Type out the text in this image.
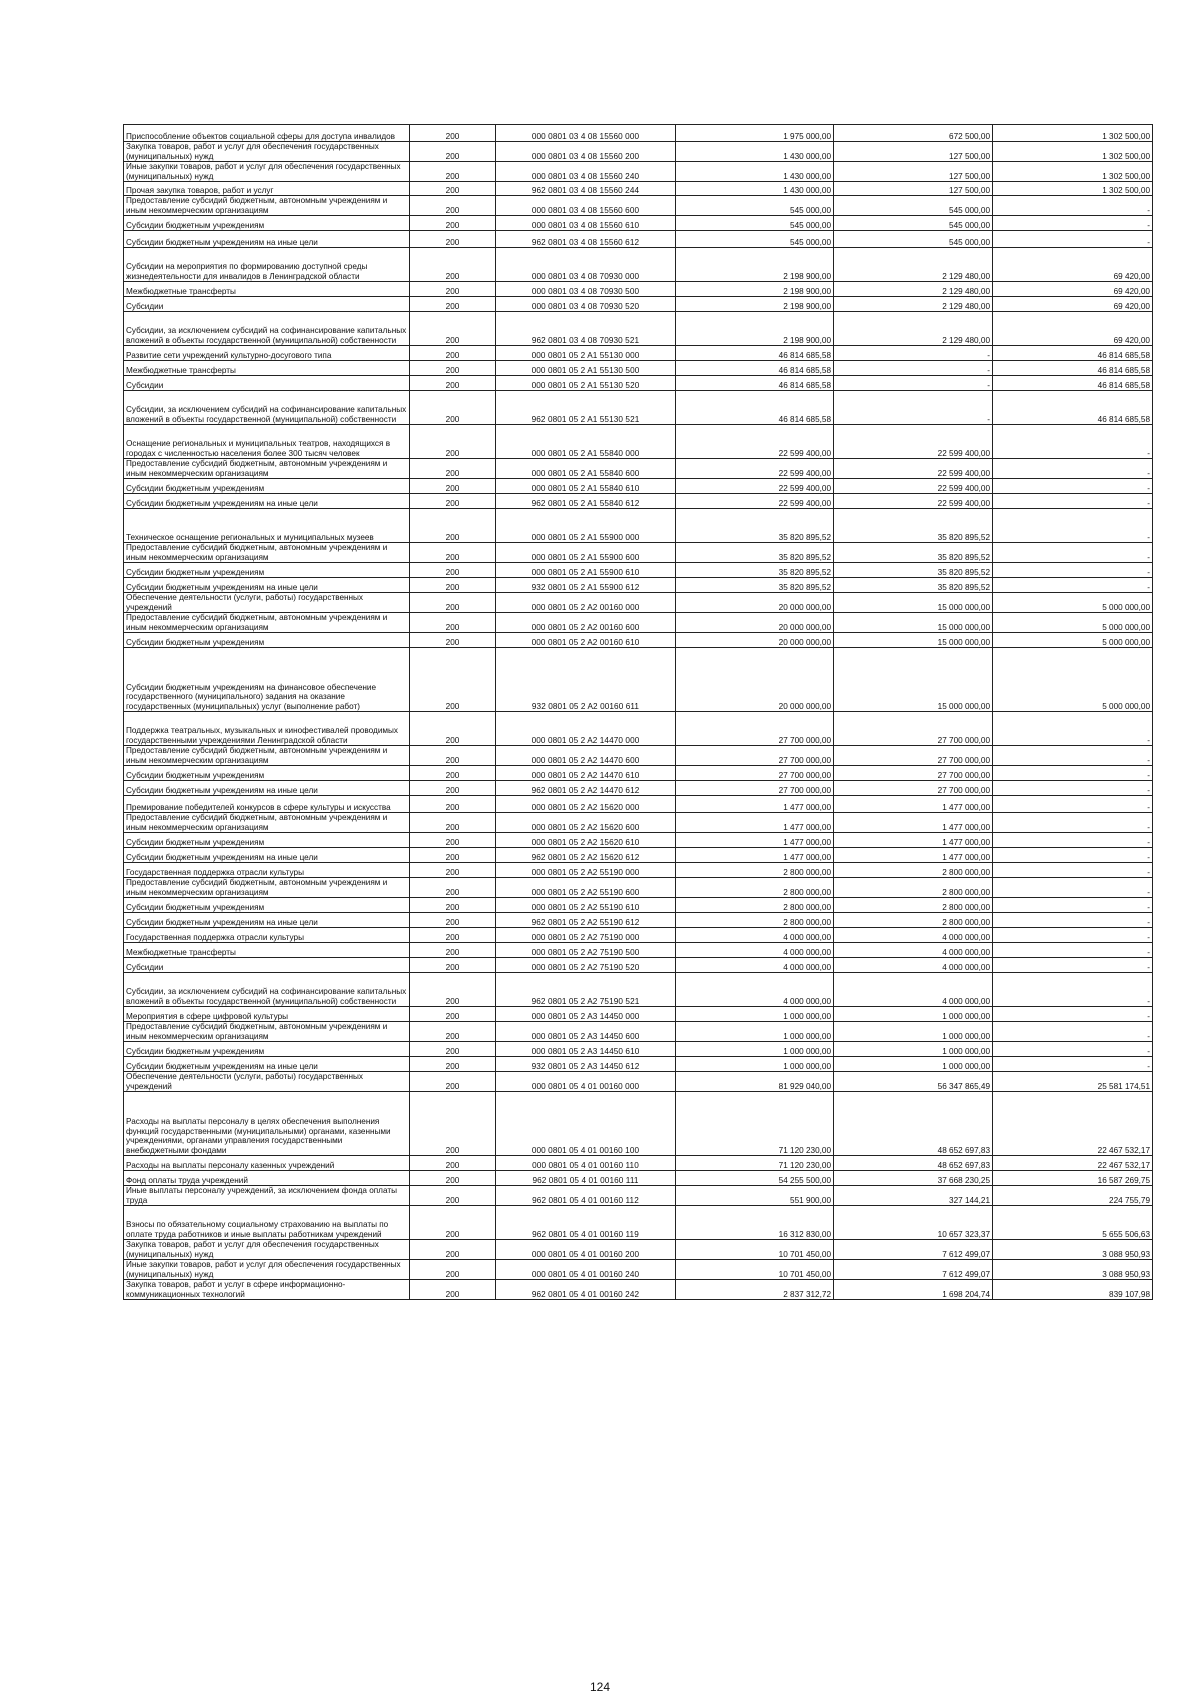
Приспособление объектов социальной сферы для доступа инвалидов	200	000 0801 03 4 08 15560 000	1 975 000,00	672 500,00	1 302 500,00
Закупка товаров, работ и услуг для обеспечения государственных (муниципальных) нужд	200	000 0801 03 4 08 15560 200	1 430 000,00	127 500,00	1 302 500,00
Иные закупки товаров, работ и услуг для обеспечения государственных (муниципальных) нужд	200	000 0801 03 4 08 15560 240	1 430 000,00	127 500,00	1 302 500,00
Прочая закупка товаров, работ и услуг	200	962 0801 03 4 08 15560 244	1 430 000,00	127 500,00	1 302 500,00
Предоставление субсидий бюджетным, автономным учреждениям и иным некоммерческим организациям	200	000 0801 03 4 08 15560 600	545 000,00	545 000,00	-
Субсидии бюджетным учреждениям	200	000 0801 03 4 08 15560 610	545 000,00	545 000,00	-
Субсидии бюджетным учреждениям на иные цели	200	962 0801 03 4 08 15560 612	545 000,00	545 000,00	-
Субсидии на мероприятия по формированию доступной среды жизнедеятельности для инвалидов в Ленинградской области	200	000 0801 03 4 08 70930 000	2 198 900,00	2 129 480,00	69 420,00
Межбюджетные трансферты	200	000 0801 03 4 08 70930 500	2 198 900,00	2 129 480,00	69 420,00
Субсидии	200	000 0801 03 4 08 70930 520	2 198 900,00	2 129 480,00	69 420,00
Субсидии, за исключением субсидий на софинансирование капитальных вложений в объекты государственной (муниципальной) собственности	200	962 0801 03 4 08 70930 521	2 198 900,00	2 129 480,00	69 420,00
Развитие сети учреждений культурно-досугового типа	200	000 0801 05 2 A1 55130 000	46 814 685,58	-	46 814 685,58
Межбюджетные трансферты	200	000 0801 05 2 A1 55130 500	46 814 685,58	-	46 814 685,58
Субсидии	200	000 0801 05 2 A1 55130 520	46 814 685,58	-	46 814 685,58
Субсидии, за исключением субсидий на софинансирование капитальных вложений в объекты государственной (муниципальной) собственности	200	962 0801 05 2 A1 55130 521	46 814 685,58	-	46 814 685,58
Оснащение региональных и муниципальных театров, находящихся в городах с численностью населения более 300 тысяч человек	200	000 0801 05 2 A1 55840 000	22 599 400,00	22 599 400,00	-
Предоставление субсидий бюджетным, автономным учреждениям и иным некоммерческим организациям	200	000 0801 05 2 A1 55840 600	22 599 400,00	22 599 400,00	-
Субсидии бюджетным учреждениям	200	000 0801 05 2 A1 55840 610	22 599 400,00	22 599 400,00	-
Субсидии бюджетным учреждениям на иные цели	200	962 0801 05 2 A1 55840 612	22 599 400,00	22 599 400,00	-
Техническое оснащение региональных и муниципальных музеев	200	000 0801 05 2 A1 55900 000	35 820 895,52	35 820 895,52	-
Предоставление субсидий бюджетным, автономным учреждениям и иным некоммерческим организациям	200	000 0801 05 2 A1 55900 600	35 820 895,52	35 820 895,52	-
Субсидии бюджетным учреждениям	200	000 0801 05 2 A1 55900 610	35 820 895,52	35 820 895,52	-
Субсидии бюджетным учреждениям на иные цели	200	932 0801 05 2 A1 55900 612	35 820 895,52	35 820 895,52	-
Обеспечение деятельности (услуги, работы) государственных учреждений	200	000 0801 05 2 A2 00160 000	20 000 000,00	15 000 000,00	5 000 000,00
Предоставление субсидий бюджетным, автономным учреждениям и иным некоммерческим организациям	200	000 0801 05 2 A2 00160 600	20 000 000,00	15 000 000,00	5 000 000,00
Субсидии бюджетным учреждениям	200	000 0801 05 2 A2 00160 610	20 000 000,00	15 000 000,00	5 000 000,00
Субсидии бюджетным учреждениям на финансовое обеспечение государственного (муниципального) задания на оказание государственных (муниципальных) услуг (выполнение работ)	200	932 0801 05 2 A2 00160 611	20 000 000,00	15 000 000,00	5 000 000,00
Поддержка театральных, музыкальных и кинофестивалей проводимых государственными учреждениями Ленинградской области	200	000 0801 05 2 A2 14470 000	27 700 000,00	27 700 000,00	-
Предоставление субсидий бюджетным, автономным учреждениям и иным некоммерческим организациям	200	000 0801 05 2 A2 14470 600	27 700 000,00	27 700 000,00	-
Субсидии бюджетным учреждениям	200	000 0801 05 2 A2 14470 610	27 700 000,00	27 700 000,00	-
Субсидии бюджетным учреждениям на иные цели	200	962 0801 05 2 A2 14470 612	27 700 000,00	27 700 000,00	-
Премирование победителей конкурсов в сфере культуры и искусства	200	000 0801 05 2 A2 15620 000	1 477 000,00	1 477 000,00	-
Предоставление субсидий бюджетным, автономным учреждениям и иным некоммерческим организациям	200	000 0801 05 2 A2 15620 600	1 477 000,00	1 477 000,00	-
Субсидии бюджетным учреждениям	200	000 0801 05 2 A2 15620 610	1 477 000,00	1 477 000,00	-
Субсидии бюджетным учреждениям на иные цели	200	962 0801 05 2 A2 15620 612	1 477 000,00	1 477 000,00	-
Государственная поддержка отрасли культуры	200	000 0801 05 2 A2 55190 000	2 800 000,00	2 800 000,00	-
Предоставление субсидий бюджетным, автономным учреждениям и иным некоммерческим организациям	200	000 0801 05 2 A2 55190 600	2 800 000,00	2 800 000,00	-
Субсидии бюджетным учреждениям	200	000 0801 05 2 A2 55190 610	2 800 000,00	2 800 000,00	-
Субсидии бюджетным учреждениям на иные цели	200	962 0801 05 2 A2 55190 612	2 800 000,00	2 800 000,00	-
Государственная поддержка отрасли культуры	200	000 0801 05 2 A2 75190 000	4 000 000,00	4 000 000,00	-
Межбюджетные трансферты	200	000 0801 05 2 A2 75190 500	4 000 000,00	4 000 000,00	-
Субсидии	200	000 0801 05 2 A2 75190 520	4 000 000,00	4 000 000,00	-
Субсидии, за исключением субсидий на софинансирование капитальных вложений в объекты государственной (муниципальной) собственности	200	962 0801 05 2 A2 75190 521	4 000 000,00	4 000 000,00	-
Мероприятия в сфере цифровой культуры	200	000 0801 05 2 A3 14450 000	1 000 000,00	1 000 000,00	-
Предоставление субсидий бюджетным, автономным учреждениям и иным некоммерческим организациям	200	000 0801 05 2 A3 14450 600	1 000 000,00	1 000 000,00	-
Субсидии бюджетным учреждениям	200	000 0801 05 2 A3 14450 610	1 000 000,00	1 000 000,00	-
Субсидии бюджетным учреждениям на иные цели	200	932 0801 05 2 A3 14450 612	1 000 000,00	1 000 000,00	-
Обеспечение деятельности (услуги, работы) государственных учреждений	200	000 0801 05 4 01 00160 000	81 929 040,00	56 347 865,49	25 581 174,51
Расходы на выплаты персоналу в целях обеспечения выполнения функций государственными (муниципальными) органами, казенными учреждениями, органами управления государственными внебюджетными фондами	200	000 0801 05 4 01 00160 100	71 120 230,00	48 652 697,83	22 467 532,17
Расходы на выплаты персоналу казенных учреждений	200	000 0801 05 4 01 00160 110	71 120 230,00	48 652 697,83	22 467 532,17
Фонд оплаты труда учреждений	200	962 0801 05 4 01 00160 111	54 255 500,00	37 668 230,25	16 587 269,75
Иные выплаты персоналу учреждений, за исключением фонда оплаты труда	200	962 0801 05 4 01 00160 112	551 900,00	327 144,21	224 755,79
Взносы по обязательному социальному страхованию на выплаты по оплате труда работников и иные выплаты работникам учреждений	200	962 0801 05 4 01 00160 119	16 312 830,00	10 657 323,37	5 655 506,63
Закупка товаров, работ и услуг для обеспечения государственных (муниципальных) нужд	200	000 0801 05 4 01 00160 200	10 701 450,00	7 612 499,07	3 088 950,93
Иные закупки товаров, работ и услуг для обеспечения государственных (муниципальных) нужд	200	000 0801 05 4 01 00160 240	10 701 450,00	7 612 499,07	3 088 950,93
Закупка товаров, работ и услуг в сфере информационно-коммуникационных технологий	200	962 0801 05 4 01 00160 242	2 837 312,72	1 698 204,74	839 107,98
124
